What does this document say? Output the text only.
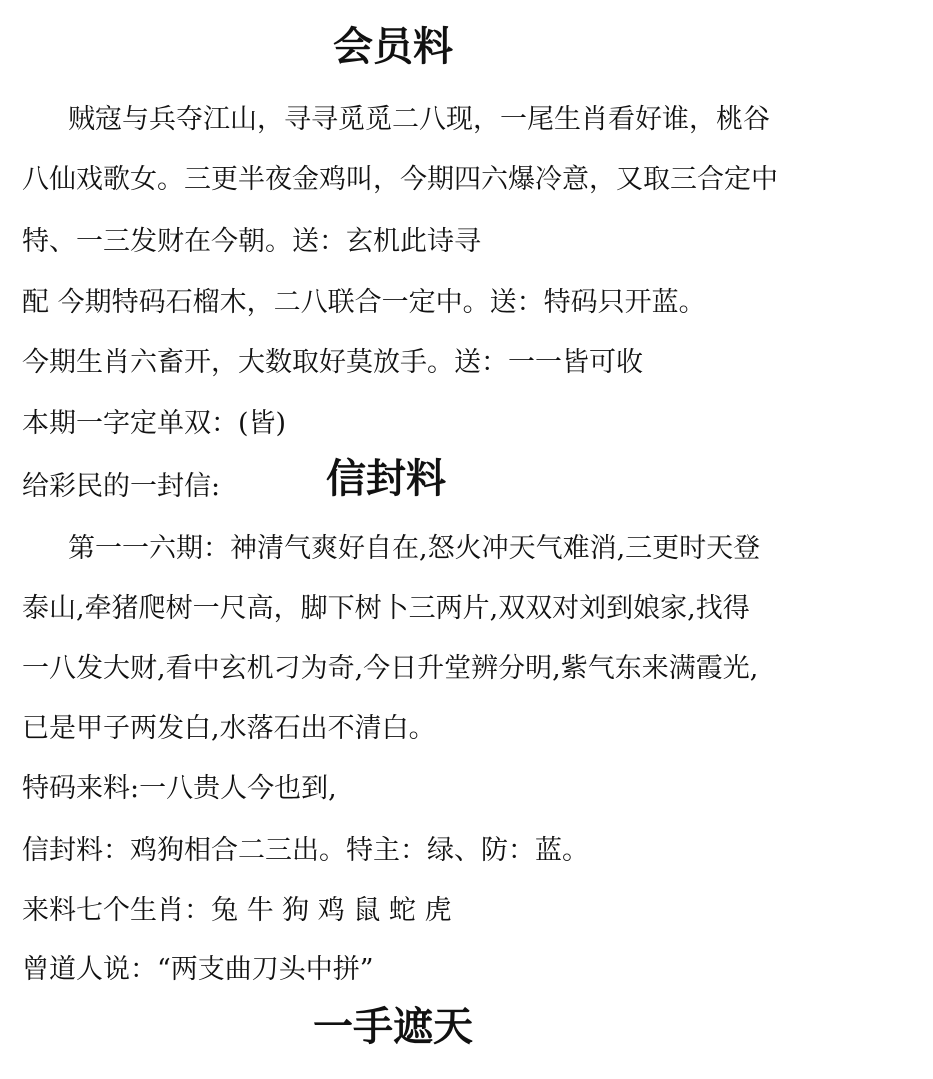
会员料
贼寇与兵夺江山，寻寻觅觅二八现，一尾生肖看好谁，桃谷
八仙戏歌女。三更半夜金鸡叫，今期四六爆冷意，又取三合定中
特、一三发财在今朝。送：玄机此诗寻
配 今期特码石榴木，二八联合一定中。送：特码只开蓝。
今期生肖六畜开，大数取好莫放手。送：一一皆可收
本期一字定单双：(皆)
给彩民的一封信:	信封料
第一一六期：神清气爽好自在,怒火冲天气难消,三更时天登
泰山,牵猪爬树一尺高，脚下树卜三两片,双双对刘到娘家,找得
一八发大财,看中玄机刁为奇,今日升堂辨分明,紫气东来满霞光,
已是甲子两发白,水落石出不清白。
特码来料:一八贵人今也到,
信封料：鸡狗相合二三出。特主：绿、防：蓝。
来料七个生肖：兔 牛 狗 鸡 鼠 蛇 虎
曾道人说：“两支曲刀头中拼”
一手遮天
